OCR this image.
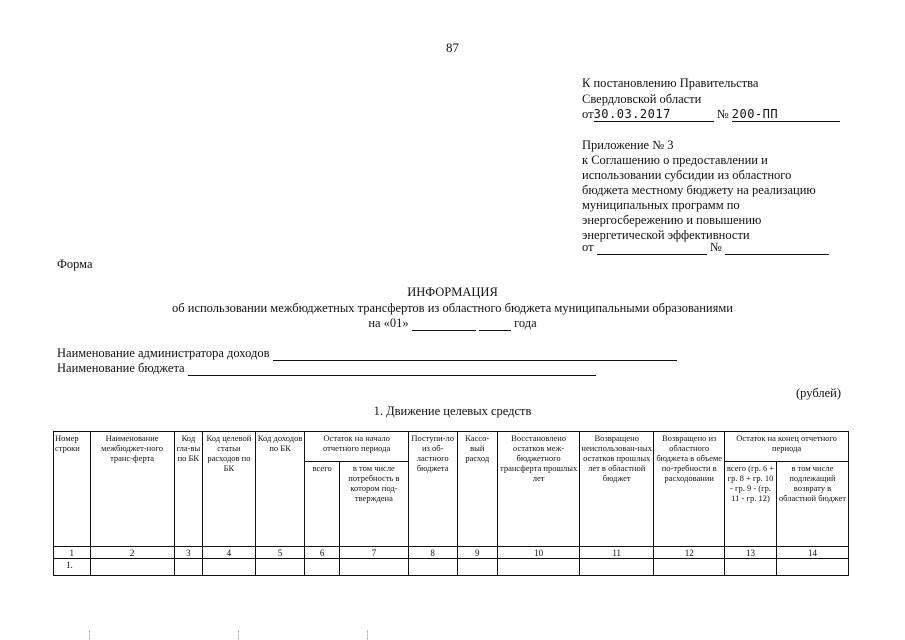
87
К постановлению Правительства
Свердловской области
от30.03.2017	№ 200-ПП
Приложение № 3
к Соглашению о предоставлении и
использовании субсидии из областного
бюджета местному бюджету на реализацию
муниципальных программ по
энергосбережению и повышению
энергетической эффективности
от	№
Форма
ИНФОРМАЦИЯ
об использовании межбюджетных трансфертов из областного бюджета муниципальными образованиями
на «01»	года
Наименование администратора доходов
Наименование бюджета
(рублей)
1. Движение целевых средств
Номер строки	Наименование межбюджет-ного транс-ферта	Код гла-вы по БК	Код целевой статьи расходов по БК	Код доходов по БК	Остаток на начало отчетного периода		Поступи-ло из об-ластного бюджета	Кассо-вый расход	Восстановлено остатков меж-бюджетного трансферта прошлых лет	Возвращено неиспользован-ных остатков прошлых лет в областной бюджет	Возвращено из областного бюджета в объеме по-требности в расходовании	Остаток на конец отчетного периода	
					всего	в том числе потребность в котором под-тверждена						всего (гр. 6 + гр. 8 + гр. 10 - гр. 9 - (гр. 11 - гр. 12)	в том числе подлежащий возврату в областной бюджет
1	2	3	4	5	6	7	8	9	10	11	12	13	14
1.													
